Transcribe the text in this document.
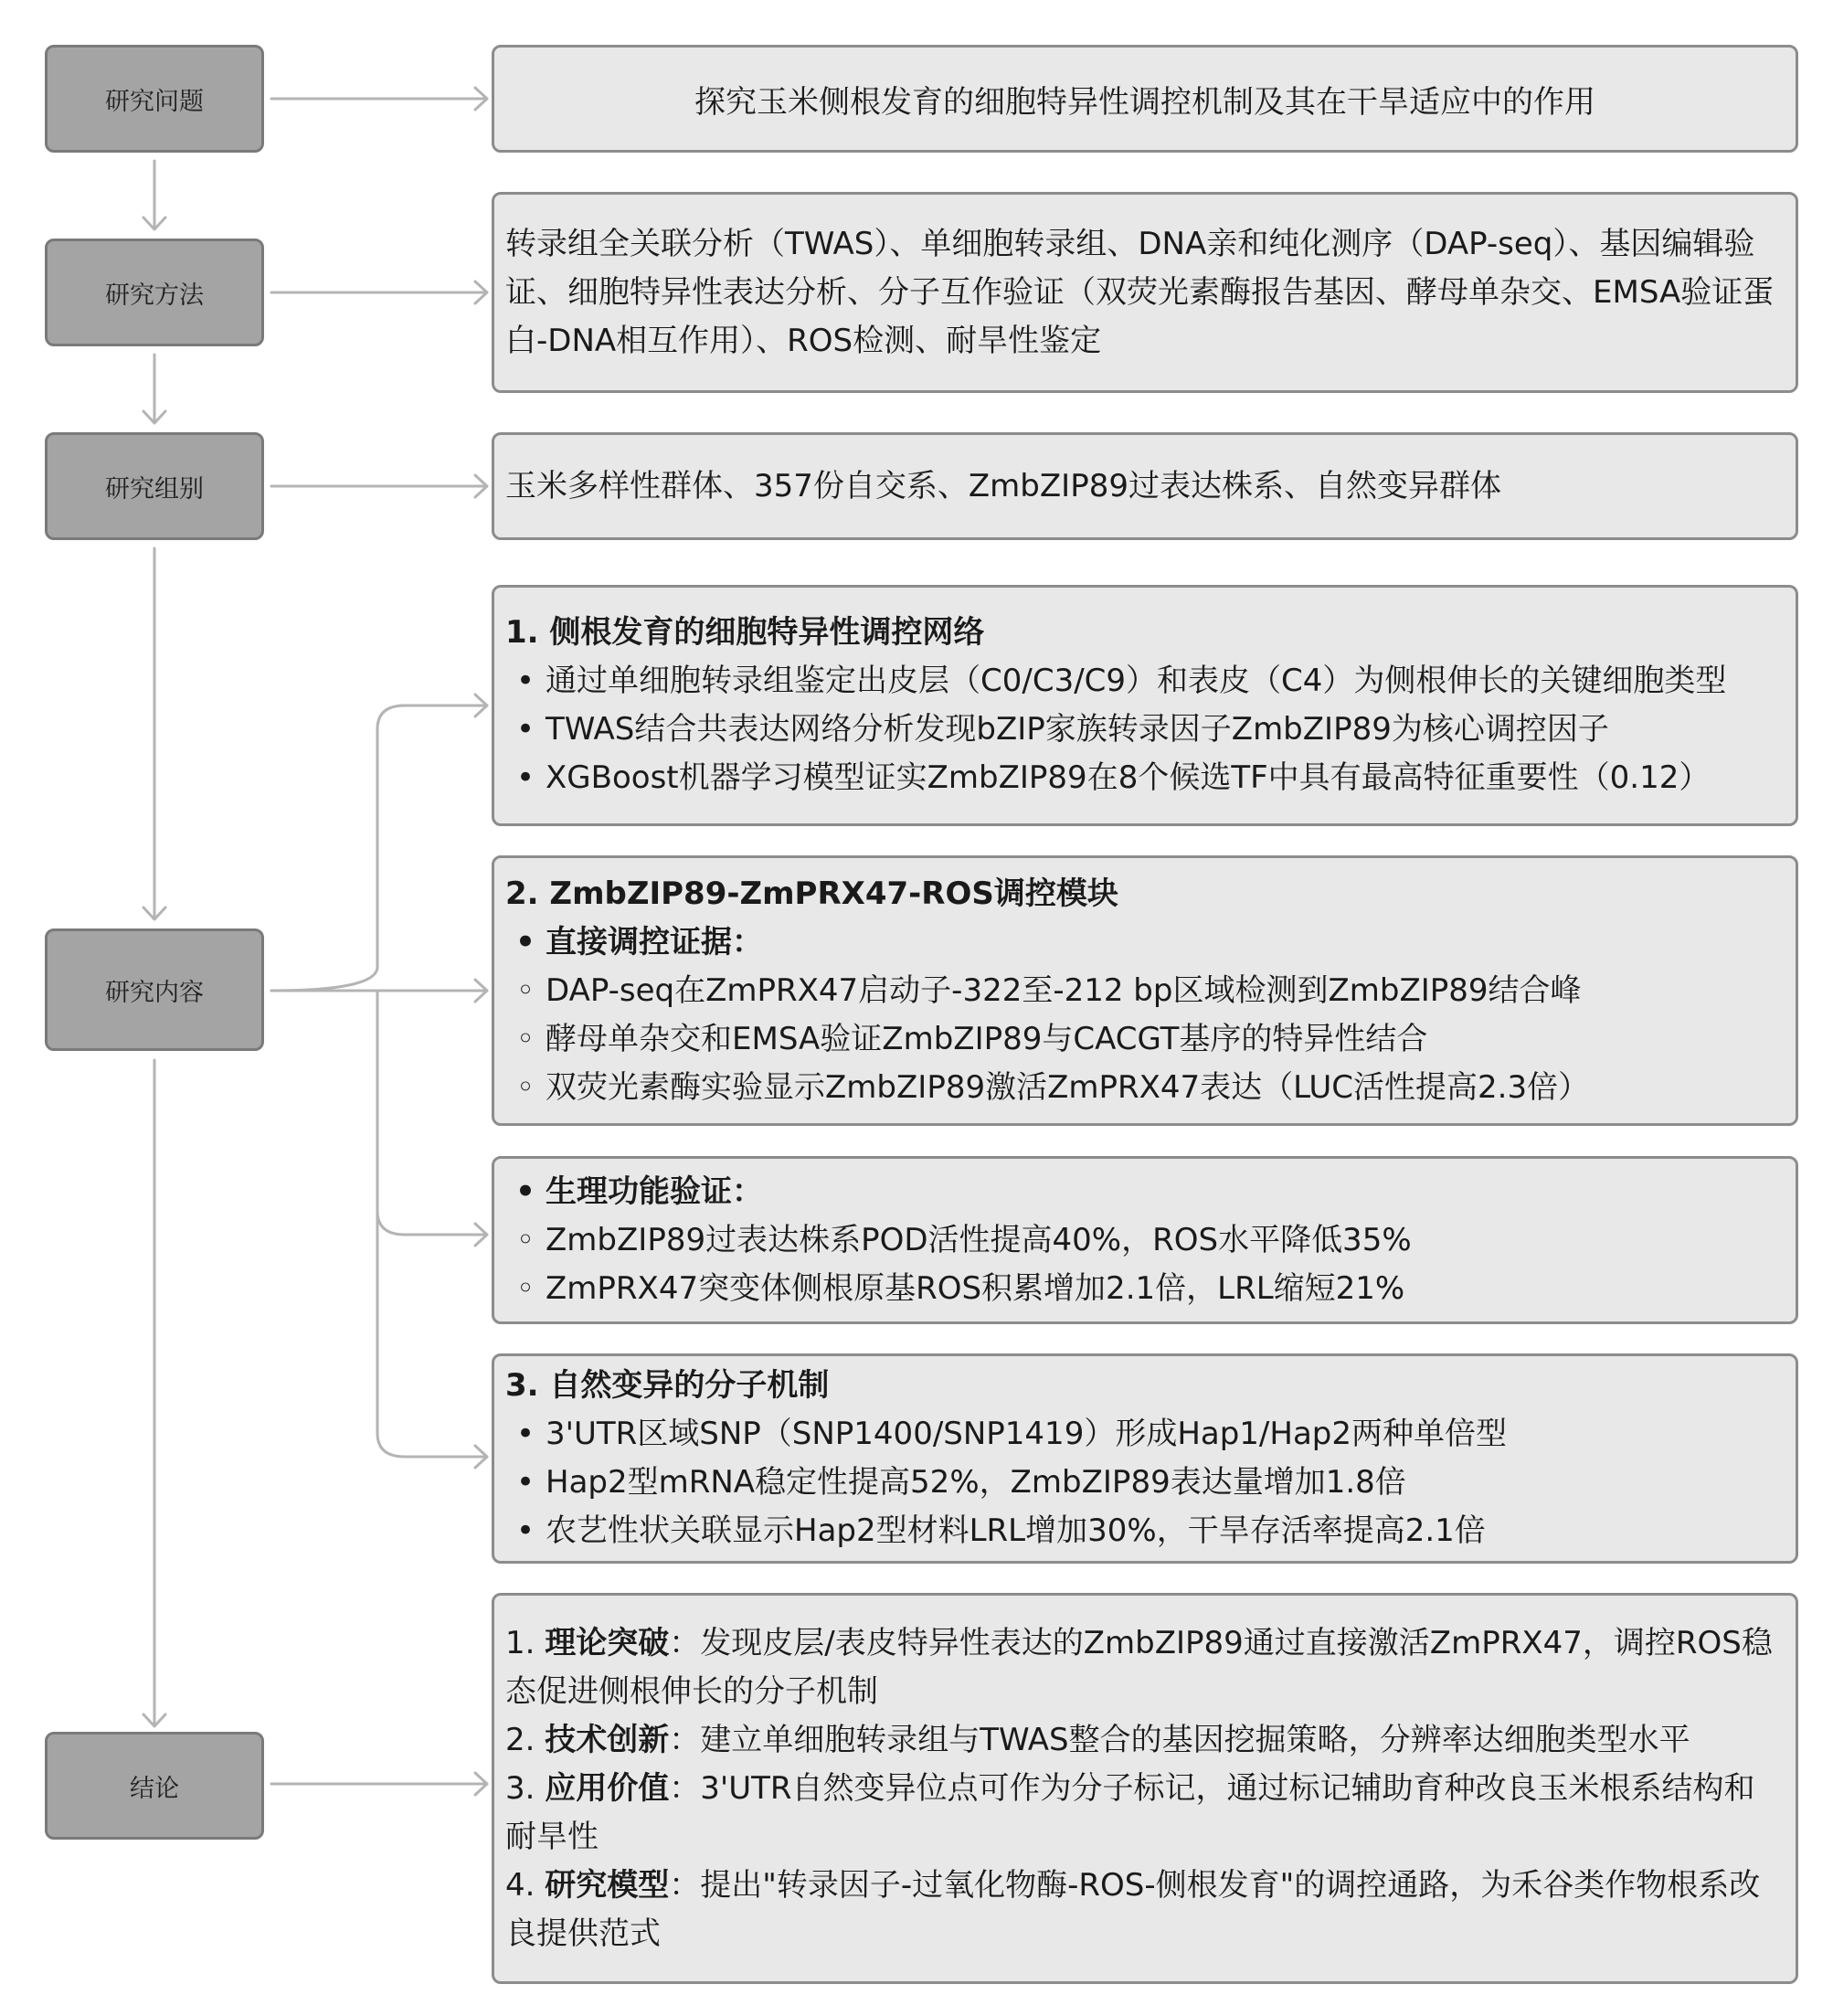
研究问题
研究方法
研究组别
研究内容
结论
探究玉米侧根发育的细胞特异性调控机制及其在干旱适应中的作用
转录组全关联分析（TWAS）、单细胞转录组、DNA亲和纯化测序（DAP-seq）、基因编辑验证、细胞特异性表达分析、分子互作验证（双荧光素酶报告基因、酵母单杂交、EMSA验证蛋白-DNA相互作用）、ROS检测、耐旱性鉴定
玉米多样性群体、357份自交系、ZmbZIP89过表达株系、自然变异群体
1. 侧根发育的细胞特异性调控网络
• 通过单细胞转录组鉴定出皮层（C0/C3/C9）和表皮（C4）为侧根伸长的关键细胞类型
• TWAS结合共表达网络分析发现bZIP家族转录因子ZmbZIP89为核心调控因子
• XGBoost机器学习模型证实ZmbZIP89在8个候选TF中具有最高特征重要性（0.12）
2. ZmbZIP89-ZmPRX47-ROS调控模块
• 直接调控证据：
◦ DAP-seq在ZmPRX47启动子-322至-212 bp区域检测到ZmbZIP89结合峰
◦ 酵母单杂交和EMSA验证ZmbZIP89与CACGT基序的特异性结合
◦ 双荧光素酶实验显示ZmbZIP89激活ZmPRX47表达（LUC活性提高2.3倍）
• 生理功能验证：
◦ ZmbZIP89过表达株系POD活性提高40%，ROS水平降低35%
◦ ZmPRX47突变体侧根原基ROS积累增加2.1倍，LRL缩短21%
3. 自然变异的分子机制
• 3'UTR区域SNP（SNP1400/SNP1419）形成Hap1/Hap2两种单倍型
• Hap2型mRNA稳定性提高52%，ZmbZIP89表达量增加1.8倍
• 农艺性状关联显示Hap2型材料LRL增加30%，干旱存活率提高2.1倍
1. 理论突破：发现皮层/表皮特异性表达的ZmbZIP89通过直接激活ZmPRX47，调控ROS稳态促进侧根伸长的分子机制
2. 技术创新：建立单细胞转录组与TWAS整合的基因挖掘策略，分辨率达细胞类型水平
3. 应用价值：3'UTR自然变异位点可作为分子标记，通过标记辅助育种改良玉米根系结构和耐旱性
4. 研究模型：提出"转录因子-过氧化物酶-ROS-侧根发育"的调控通路，为禾谷类作物根系改良提供范式
